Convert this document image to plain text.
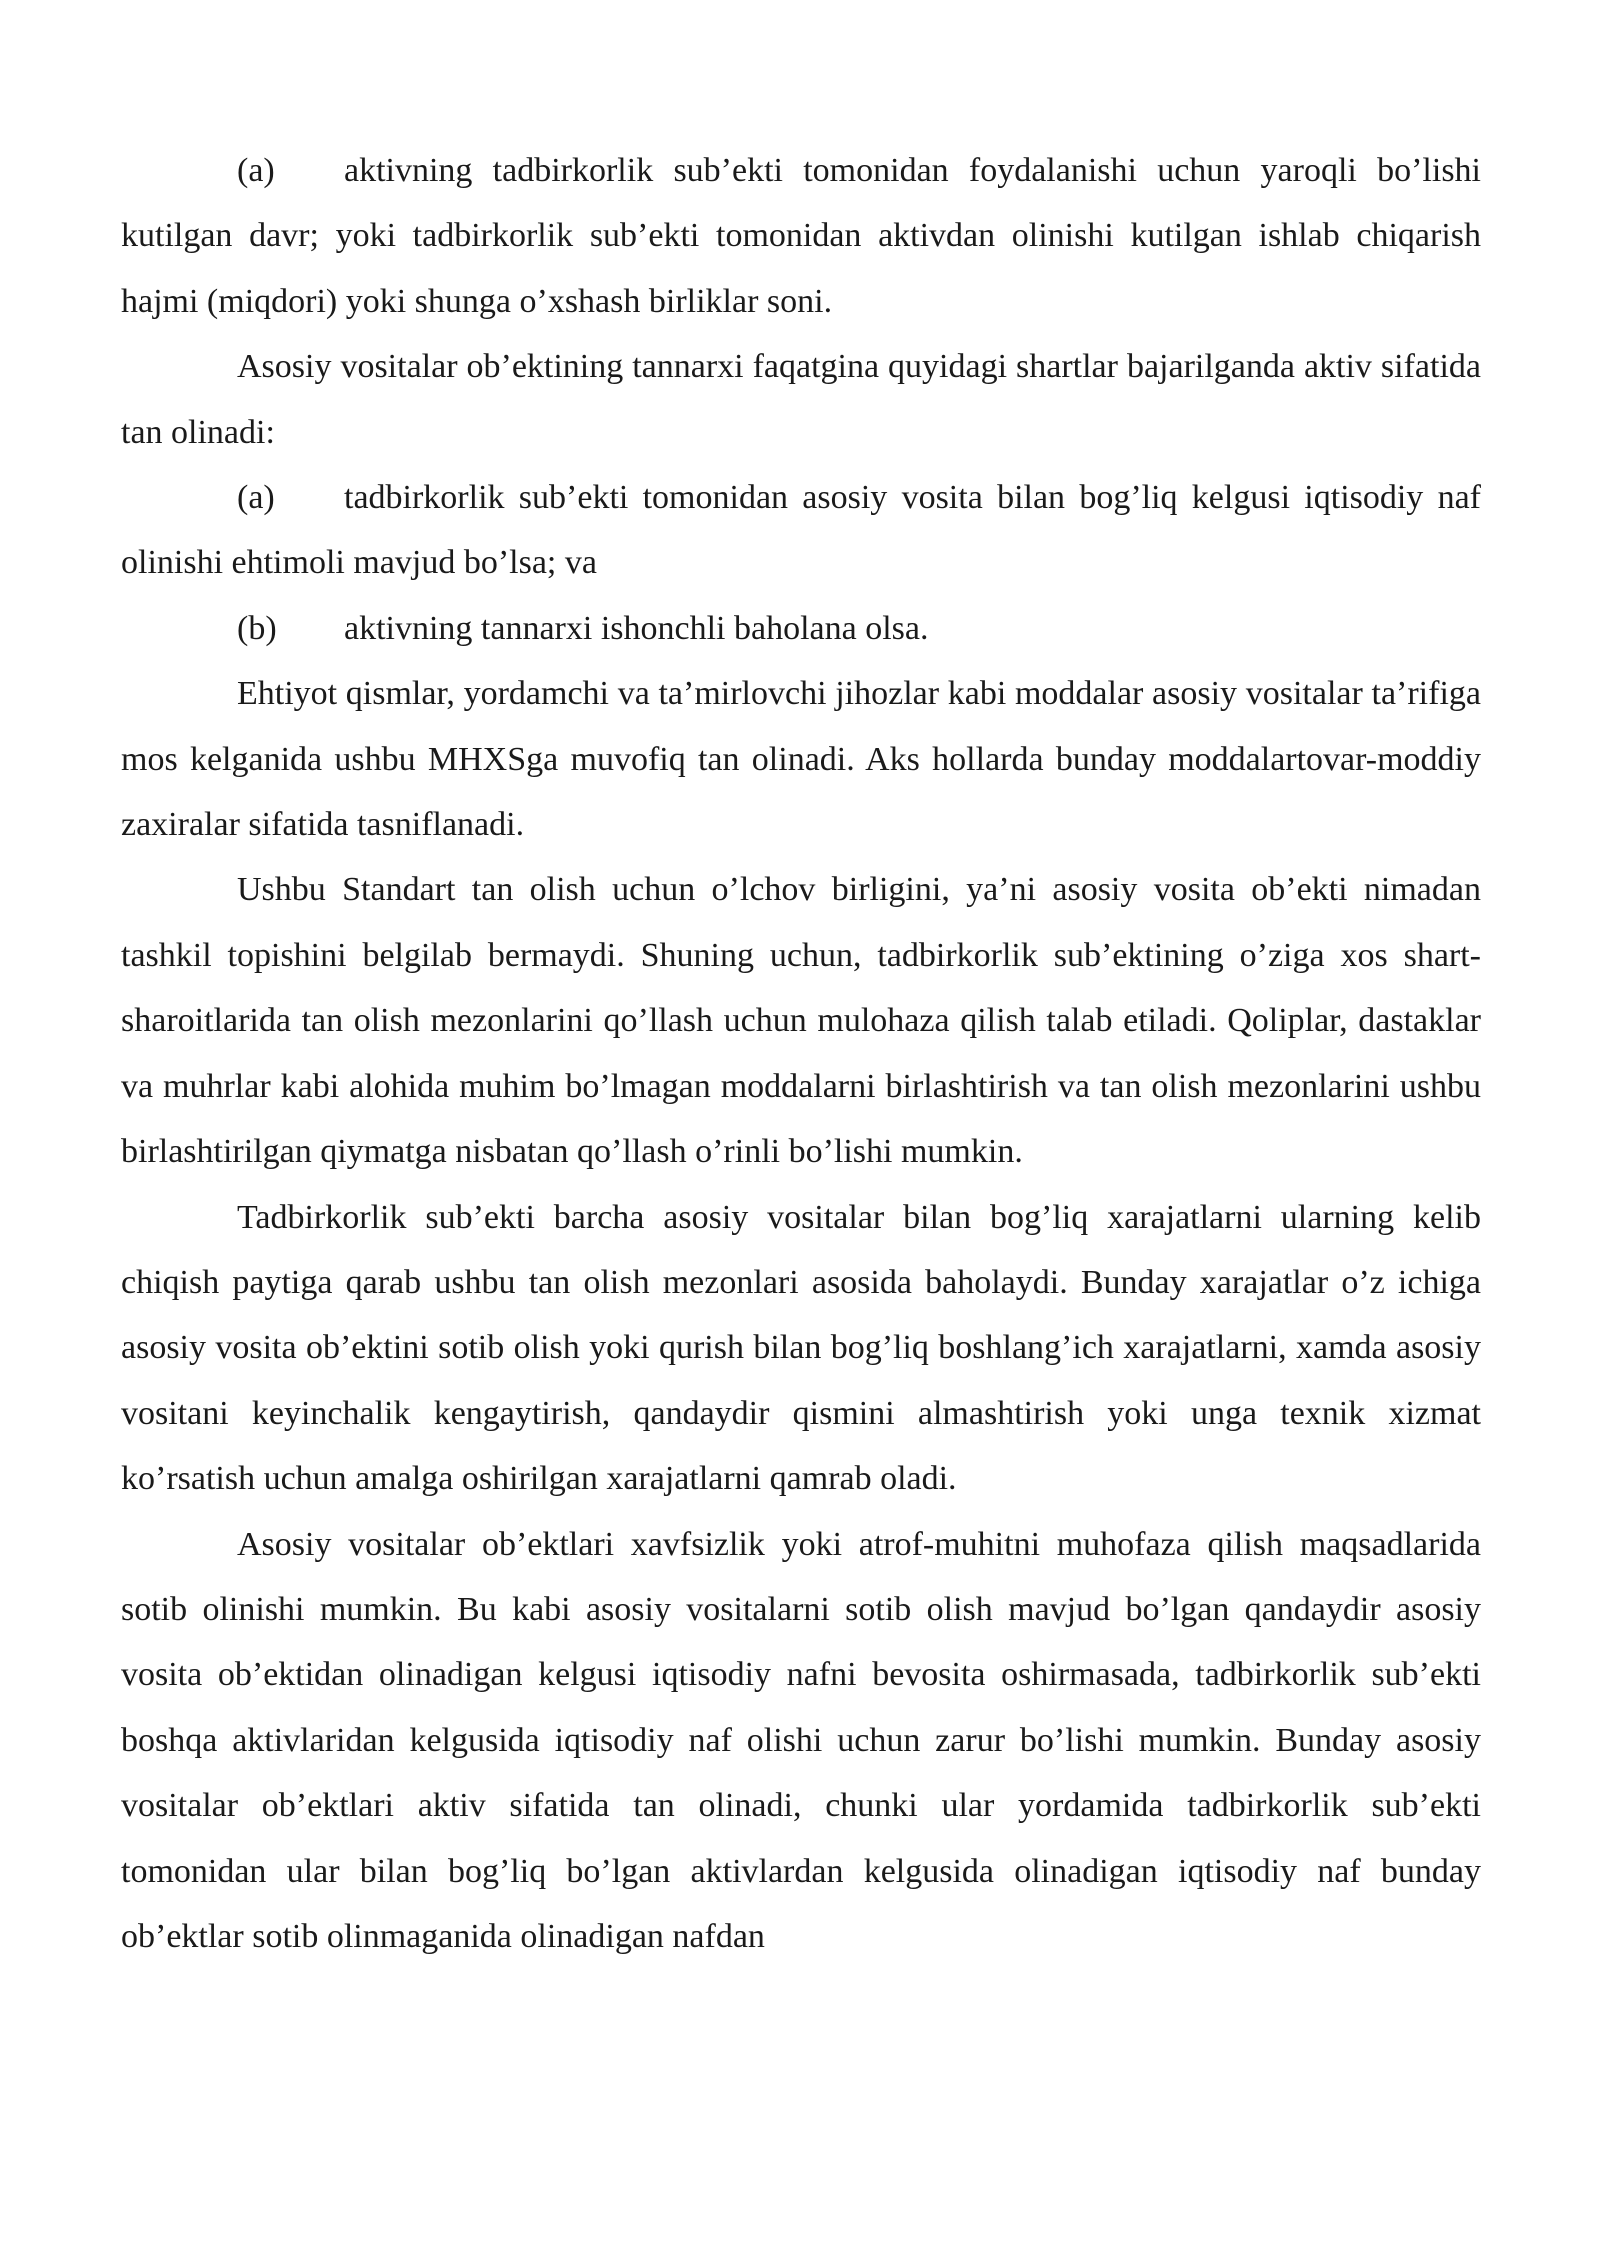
(a) aktivning tadbirkorlik sub’ekti tomonidan foydalanishi uchun yaroqli bo’lishi kutilgan davr; yoki tadbirkorlik sub’ekti tomonidan aktivdan olinishi kutilgan ishlab chiqarish hajmi (miqdori) yoki shunga o’xshash birliklar soni.

Asosiy vositalar ob’ektining tannarxi faqatgina quyidagi shartlar bajarilganda aktiv sifatida tan olinadi:

(a) tadbirkorlik sub’ekti tomonidan asosiy vosita bilan bog’liq kelgusi iqtisodiy naf olinishi ehtimoli mavjud bo’lsa; va

(b) aktivning tannarxi ishonchli baholana olsa.

Ehtiyot qismlar, yordamchi va ta’mirlovchi jihozlar kabi moddalar asosiy vositalar ta’rifiga mos kelganida ushbu MHXSga muvofiq tan olinadi. Aks hollarda bunday moddalartovar-moddiy zaxiralar sifatida tasniflanadi.

Ushbu Standart tan olish uchun o’lchov birligini, ya’ni asosiy vosita ob’ekti nimadan tashkil topishini belgilab bermaydi. Shuning uchun, tadbirkorlik sub’ektining o’ziga xos shart-sharoitlarida tan olish mezonlarini qo’llash uchun mulohaza qilish talab etiladi. Qoliplar, dastaklar va muhrlar kabi alohida muhim bo’lmagan moddalarni birlashtirish va tan olish mezonlarini ushbu birlashtirilgan qiymatga nisbatan qo’llash o’rinli bo’lishi mumkin.

Tadbirkorlik sub’ekti barcha asosiy vositalar bilan bog’liq xarajatlarni ularning kelib chiqish paytiga qarab ushbu tan olish mezonlari asosida baholaydi. Bunday xarajatlar o’z ichiga asosiy vosita ob’ektini sotib olish yoki qurish bilan bog’liq boshlang’ich xarajatlarni, xamda asosiy vositani keyinchalik kengaytirish, qandaydir qismini almashtirish yoki unga texnik xizmat ko’rsatish uchun amalga oshirilgan xarajatlarni qamrab oladi.

Asosiy vositalar ob’ektlari xavfsizlik yoki atrof-muhitni muhofaza qilish maqsadlarida sotib olinishi mumkin. Bu kabi asosiy vositalarni sotib olish mavjud bo’lgan qandaydir asosiy vosita ob’ektidan olinadigan kelgusi iqtisodiy nafni bevosita oshirmasada, tadbirkorlik sub’ekti boshqa aktivlaridan kelgusida iqtisodiy naf olishi uchun zarur bo’lishi mumkin. Bunday asosiy vositalar ob’ektlari aktiv sifatida tan olinadi, chunki ular yordamida tadbirkorlik sub’ekti tomonidan ular bilan bog’liq bo’lgan aktivlardan kelgusida olinadigan iqtisodiy naf bunday ob’ektlar sotib olinmaganida olinadigan nafdan
